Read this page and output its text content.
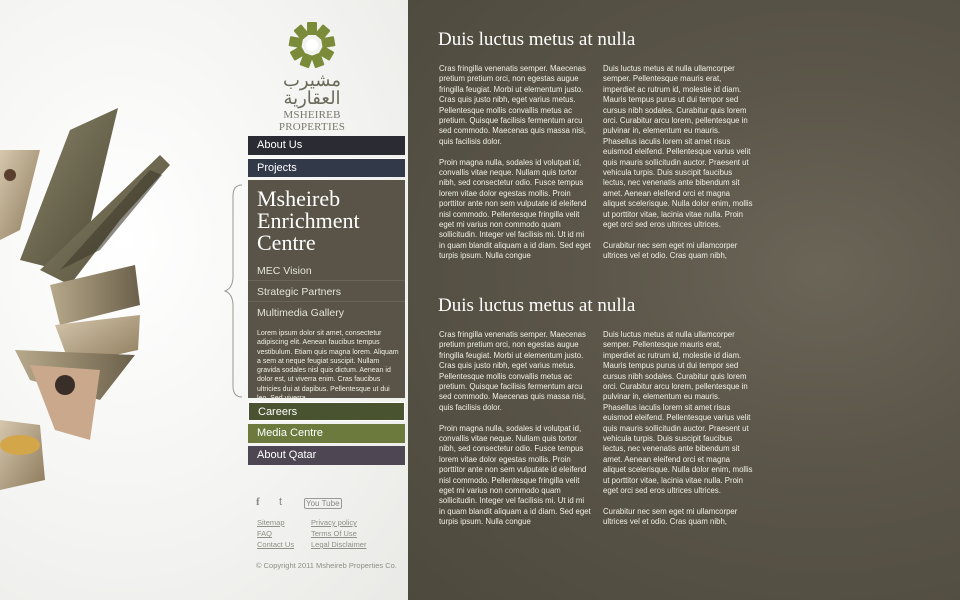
مشيرب العقارية
MSHEIREB PROPERTIES
About Us
Projects
Msheireb Enrichment Centre
MEC Vision
Strategic Partners
Multimedia Gallery
Lorem ipsum dolor sit amet, consectetur adipiscing elit. Aenean faucibus tempus vestibulum. Etiam quis magna lorem. Aliquam a sem at neque feugiat suscipit. Nullam gravida sodales nisl quis dictum. Aenean id dolor est, ut viverra enim. Cras faucibus ultricies dui at dapibus. Pellentesque ut dui leo. Sed viverra
Careers
Media Centre
About Qatar
f t	You Tube
Sitemap	Privacy policy
FAQ	Terms Of Use
Contact Us Legal Disclaimer
© Copyright 2011 Msheireb Properties Co.
Duis luctus metus at nulla

Cras fringilla venenatis semper. Maecenas pretium pretium orci, non egestas augue fringilla feugiat. Morbi ut elementum justo. Cras quis justo nibh, eget varius metus. Pellentesque mollis convallis metus ac pretium. Quisque facilisis fermentum arcu sed commodo. Maecenas quis massa nisi, quis facilisis dolor.

Proin magna nulla, sodales id volutpat id, convallis vitae neque. Nullam quis tortor nibh, sed consectetur odio. Fusce tempus lorem vitae dolor egestas mollis. Proin porttitor ante non sem vulputate id eleifend nisl commodo. Pellentesque fringilla velit eget mi varius non commodo quam sollicitudin. Integer vel facilisis mi. Ut id mi in quam blandit aliquam a id diam. Sed eget turpis ipsum. Nulla congue

Duis luctus metus at nulla ullamcorper semper. Pellentesque mauris erat, imperdiet ac rutrum id, molestie id diam. Mauris tempus purus ut dui tempor sed cursus nibh sodales. Curabitur quis lorem orci. Curabitur arcu lorem, pellentesque in pulvinar in, elementum eu mauris. Phasellus iaculis lorem sit amet risus euismod eleifend. Pellentesque varius velit quis mauris sollicitudin auctor. Praesent ut vehicula turpis. Duis suscipit faucibus lectus, nec venenatis ante bibendum sit amet. Aenean eleifend orci et magna aliquet scelerisque. Nulla dolor enim, mollis ut porttitor vitae, lacinia vitae nulla. Proin eget orci sed eros ultrices ultrices.

Curabitur nec sem eget mi ullamcorper ultrices vel et odio. Cras quam nibh,

Duis luctus metus at nulla

Cras fringilla venenatis semper. Maecenas pretium pretium orci, non egestas augue fringilla feugiat. Morbi ut elementum justo. Cras quis justo nibh, eget varius metus. Pellentesque mollis convallis metus ac pretium. Quisque facilisis fermentum arcu sed commodo. Maecenas quis massa nisi, quis facilisis dolor.

Proin magna nulla, sodales id volutpat id, convallis vitae neque. Nullam quis tortor nibh, sed consectetur odio. Fusce tempus lorem vitae dolor egestas mollis. Proin porttitor ante non sem vulputate id eleifend nisl commodo. Pellentesque fringilla velit eget mi varius non commodo quam sollicitudin. Integer vel facilisis mi. Ut id mi in quam blandit aliquam a id diam. Sed eget turpis ipsum. Nulla congue

Duis luctus metus at nulla ullamcorper semper. Pellentesque mauris erat, imperdiet ac rutrum id, molestie id diam. Mauris tempus purus ut dui tempor sed cursus nibh sodales. Curabitur quis lorem orci. Curabitur arcu lorem, pellentesque in pulvinar in, elementum eu mauris. Phasellus iaculis lorem sit amet risus euismod eleifend. Pellentesque varius velit quis mauris sollicitudin auctor. Praesent ut vehicula turpis. Duis suscipit faucibus lectus, nec venenatis ante bibendum sit amet. Aenean eleifend orci et magna aliquet scelerisque. Nulla dolor enim, mollis ut porttitor vitae, lacinia vitae nulla. Proin eget orci sed eros ultrices ultrices.

Curabitur nec sem eget mi ullamcorper ultrices vel et odio. Cras quam nibh,
